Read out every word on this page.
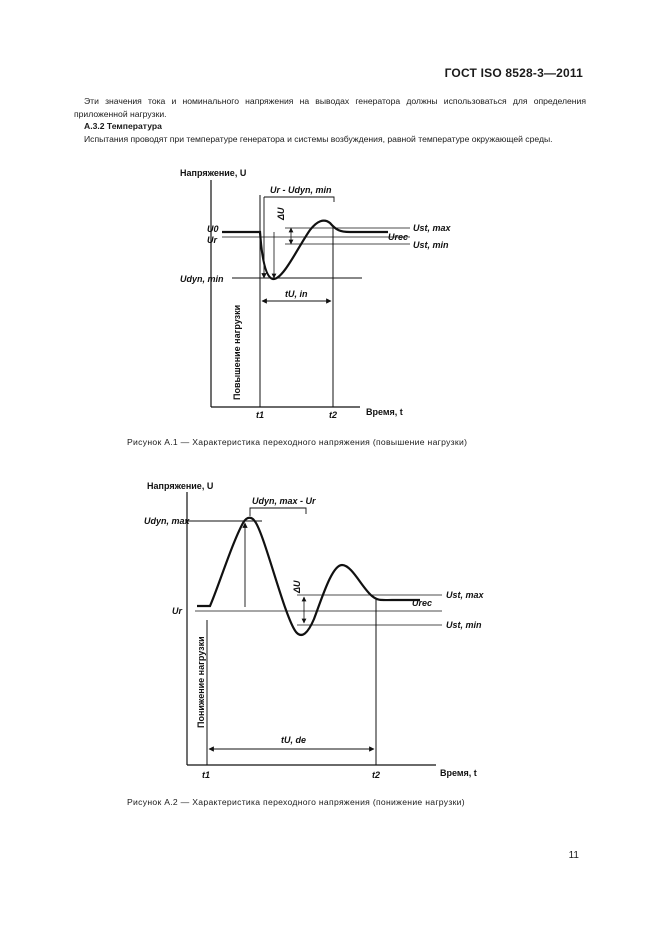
ГОСТ ISO 8528-3—2011
Эти значения тока и номинального напряжения на выводах генератора должны использоваться для определения приложенной нагрузки.
A.3.2 Температура
Испытания проводят при температуре генератора и системы возбуждения, равной температуре окружающей среды.
Напряжение, U
Время, t
Ur - Udyn, min
ΔU
U0
Ur
Udyn, min
Ust, max
Urec
Ust, min
tU, in
t1	t2
Повышение нагрузки
Напряжение, U
Время, t
Udyn, max - Ur
Udyn, max
Ur
ΔU
Ust, max
Urec
Ust, min
tU, de
t1	t2
Понижение нагрузки
Рисунок А.1 — Характеристика переходного напряжения (повышение нагрузки)
Рисунок А.2 — Характеристика переходного напряжения (понижение нагрузки)
11
